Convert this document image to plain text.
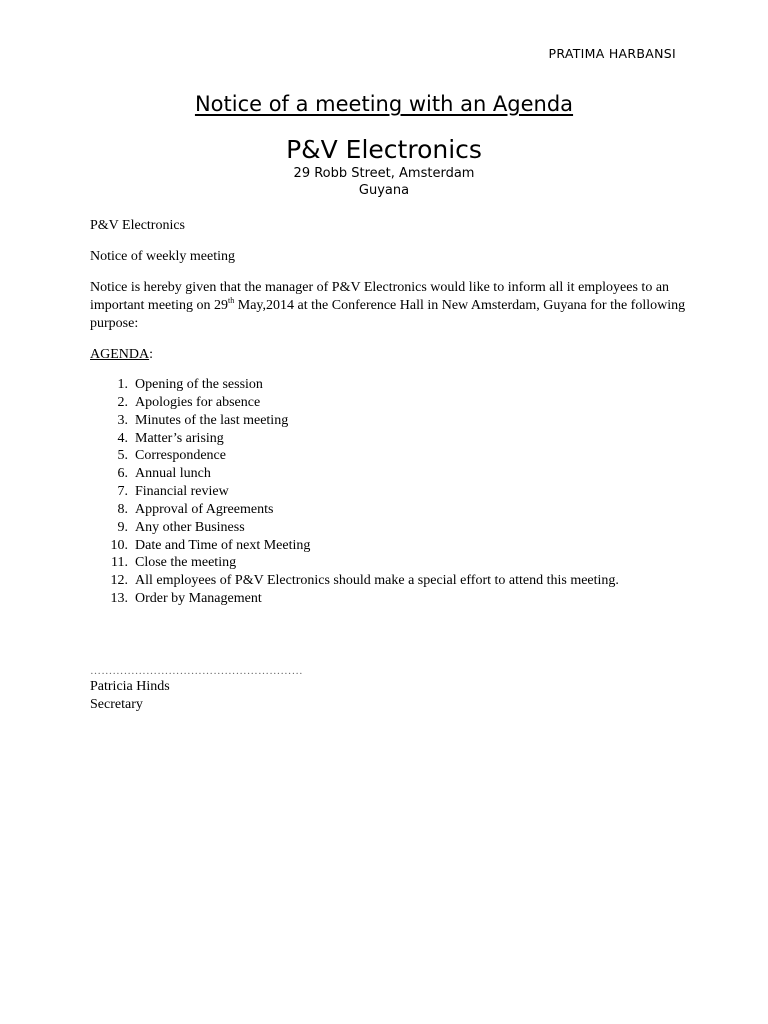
PRATIMA HARBANSI
Notice of a meeting with an Agenda
P&V Electronics
29 Robb Street, Amsterdam
Guyana
P&V Electronics
Notice of weekly meeting
Notice is hereby given that the manager of P&V Electronics would like to inform all it employees to an important meeting on 29th May,2014 at the Conference Hall in New Amsterdam, Guyana for the following purpose:
AGENDA:
1. Opening of the session
2. Apologies for absence
3. Minutes of the last meeting
4. Matter’s arising
5. Correspondence
6. Annual lunch
7. Financial review
8. Approval of Agreements
9. Any other Business
10. Date and Time of next Meeting
11. Close the meeting
12. All employees of P&V Electronics should make a special effort to attend this meeting.
13. Order by Management
…………………………………………………
Patricia Hinds
Secretary
